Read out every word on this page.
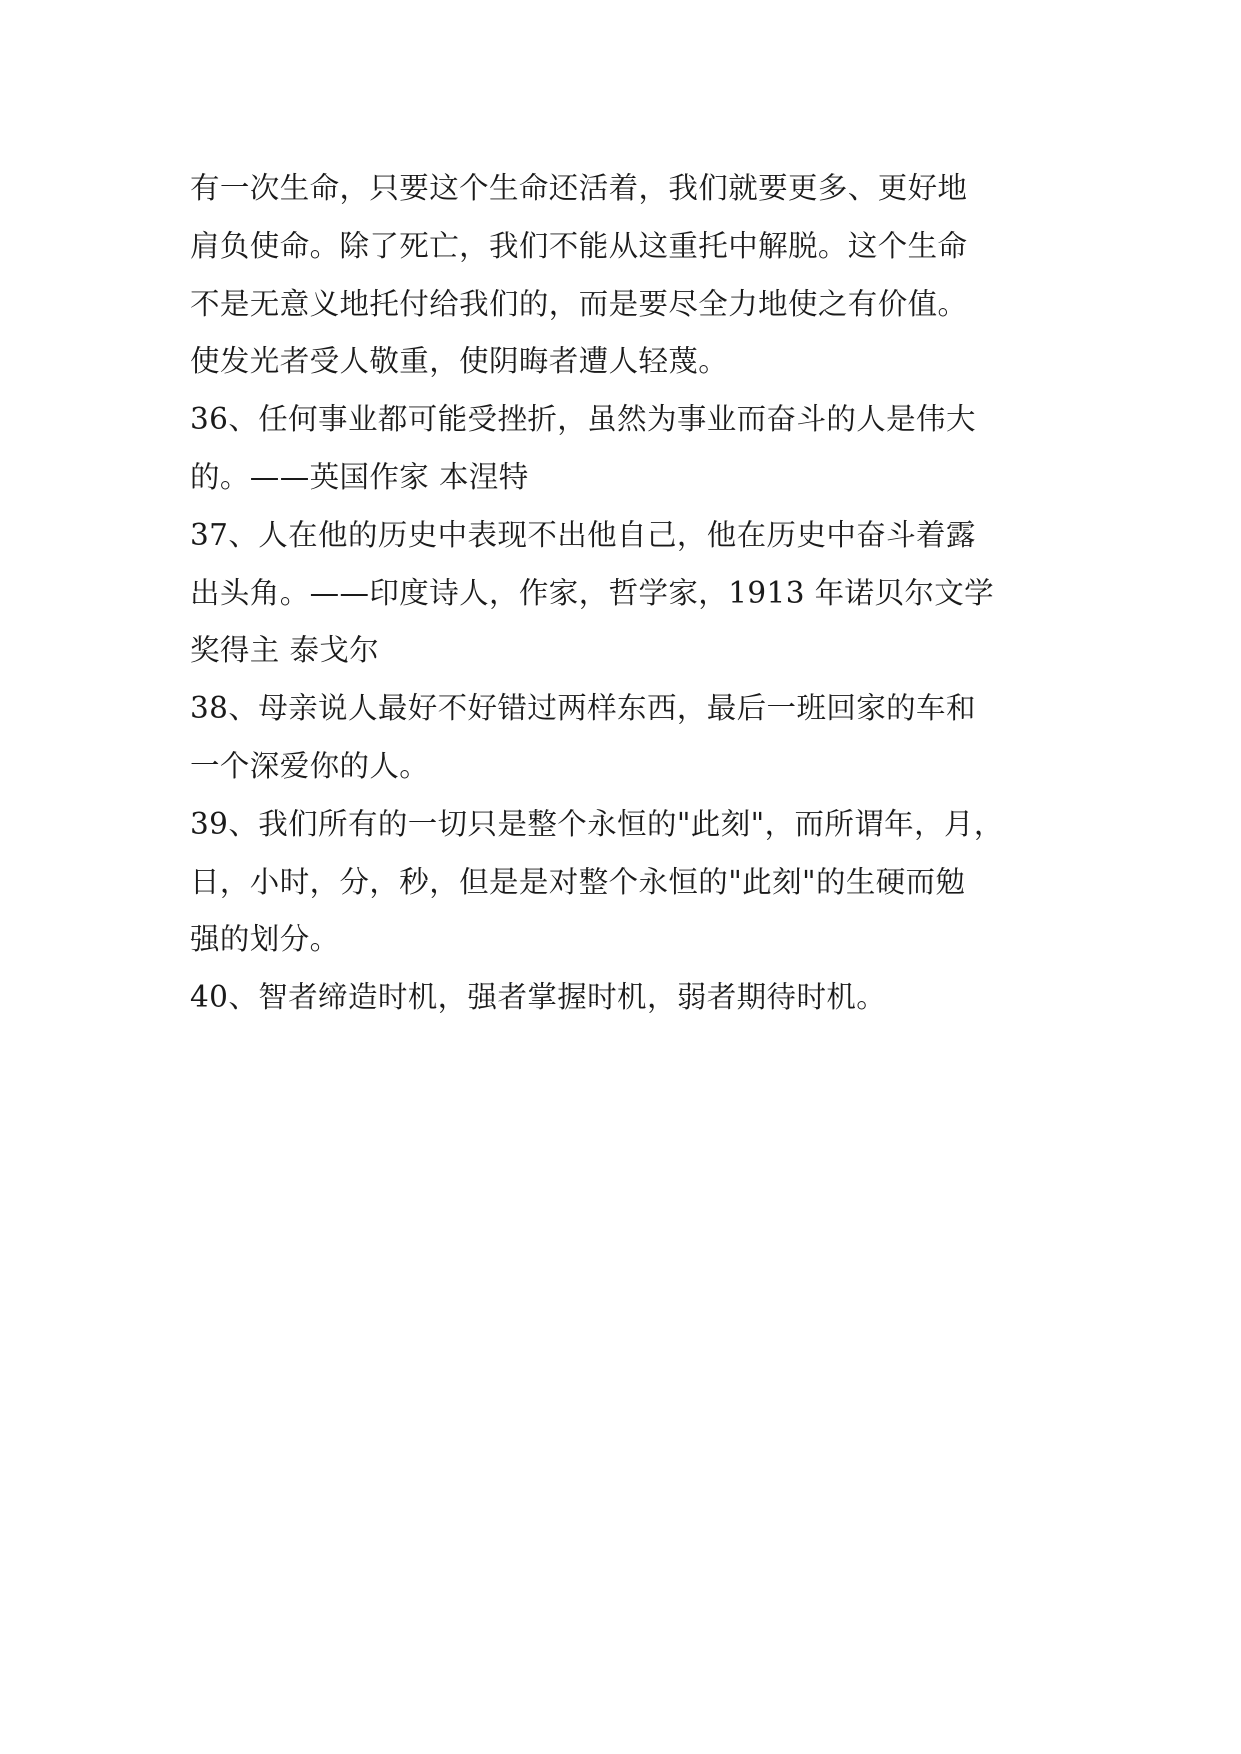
有一次生命，只要这个生命还活着，我们就要更多、更好地
肩负使命。除了死亡，我们不能从这重托中解脱。这个生命
不是无意义地托付给我们的，而是要尽全力地使之有价值。
使发光者受人敬重，使阴晦者遭人轻蔑。
36、任何事业都可能受挫折，虽然为事业而奋斗的人是伟大
的。——英国作家 本涅特
37、人在他的历史中表现不出他自己，他在历史中奋斗着露
出头角。——印度诗人，作家，哲学家，1913 年诺贝尔文学
奖得主 泰戈尔
38、母亲说人最好不好错过两样东西，最后一班回家的车和
一个深爱你的人。
39、我们所有的一切只是整个永恒的"此刻"，而所谓年，月，
日，小时，分，秒，但是是对整个永恒的"此刻"的生硬而勉
强的划分。
40、智者缔造时机，强者掌握时机，弱者期待时机。
